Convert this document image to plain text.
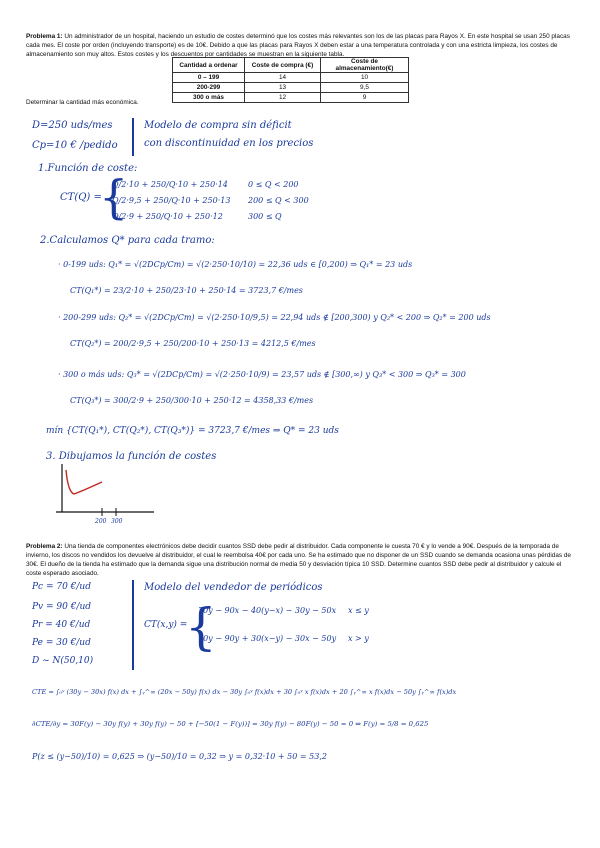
Problema 1: Un administrador de un hospital, haciendo un estudio de costes determinó que los costes más relevantes son los de las placas para Rayos X. En este hospital se usan 250 placas cada mes. El coste por orden (incluyendo transporte) es de 10€. Debido a que las placas para Rayos X deben estar a una temperatura controlada y con una estricta limpieza, los costes de almacenamiento son muy altos. Estos costes y los descuentos por cantidades se muestran en la siguiente tabla.
Cantidad a ordenar	Coste de compra (€)	Coste de almacenamiento(€)
0 – 199	14	10
200-299	13	9,5
300 o más	12	9
Determinar la cantidad más económica.
D=250 uds/mes
Cp=10 € /pedido
Modelo de compra sin déficit
con discontinuidad en los precios
1.Función de coste:
CT(Q) =
{
Q/2·10 + 250/Q·10 + 250·14	0 ≤ Q < 200
Q/2·9,5 + 250/Q·10 + 250·13 200 ≤ Q < 300
Q/2·9 + 250/Q·10 + 250·12	300 ≤ Q
2.Calculamos Q* para cada tramo:
· 0-199 uds: Q₁* = √(2DCp/Cm) = √(2·250·10/10) = 22,36 uds ∈ [0,200) ⇒ Q₁* = 23 uds
CT(Q₁*) = 23/2·10 + 250/23·10 + 250·14 = 3723,7 €/mes
· 200-299 uds: Q₂* = √(2DCp/Cm) = √(2·250·10/9,5) = 22,94 uds ∉ [200,300) y Q₂* < 200 ⇒ Q₂* = 200 uds
CT(Q₂*) = 200/2·9,5 + 250/200·10 + 250·13 = 4212,5 €/mes
· 300 o más uds: Q₃* = √(2DCp/Cm) = √(2·250·10/9) = 23,57 uds ∉ [300,∞) y Q₃* < 300 ⇒ Q₃* = 300
CT(Q₃*) = 300/2·9 + 250/300·10 + 250·12 = 4358,33 €/mes
mín {CT(Q₁*), CT(Q₂*), CT(Q₃*)} = 3723,7 €/mes ⇒ Q* = 23 uds
3. Dibujamos la función de costes
200 300
Problema 2: Una tienda de componentes electrónicos debe decidir cuantos SSD debe pedir al distribuidor. Cada componente le cuesta 70 € y lo vende a 90€. Después de la temporada de invierno, los discos no vendidos los devuelve al distribuidor, el cual le reembolsa 40€ por cada uno. Se ha estimado que no disponer de un SSD cuando se demanda ocasiona unas pérdidas de 30€. El dueño de la tienda ha estimado que la demanda sigue una distribución normal de media 50 y desviación típica 10 SSD. Determine cuantos SSD debe pedir al distribuidor y calcule el coste esperado asociado.
Pc = 70 €/ud
Pv = 90 €/ud
Pr = 40 €/ud
Pe = 30 €/ud
D ~ N(50,10)
Modelo del vendedor de periódicos
CT(x,y) =
{
70y − 90x − 40(y−x) − 30y − 50x x ≤ y
70y − 90y + 30(x−y) − 30x − 50y x > y
CTE = ∫₀ʸ (30y − 30x) f(x) dx + ∫ᵧ^∞ (20x − 50y) f(x) dx − 30y ∫₀ʸ f(x)dx + 30 ∫₀ʸ x f(x)dx + 20 ∫ᵧ^∞ x f(x)dx − 50y ∫ᵧ^∞ f(x)dx
∂CTE/∂y = 30F(y) − 30y f(y) + 30y f(y) − 50 + [−50(1 − F(y))] = 30y f(y) − 80F(y) − 50 = 0 ⇒ F(y) = 5/8 = 0,625
P(z ≤ (y−50)/10) = 0,625 ⇒ (y−50)/10 = 0,32 ⇒ y = 0,32·10 + 50 = 53,2
